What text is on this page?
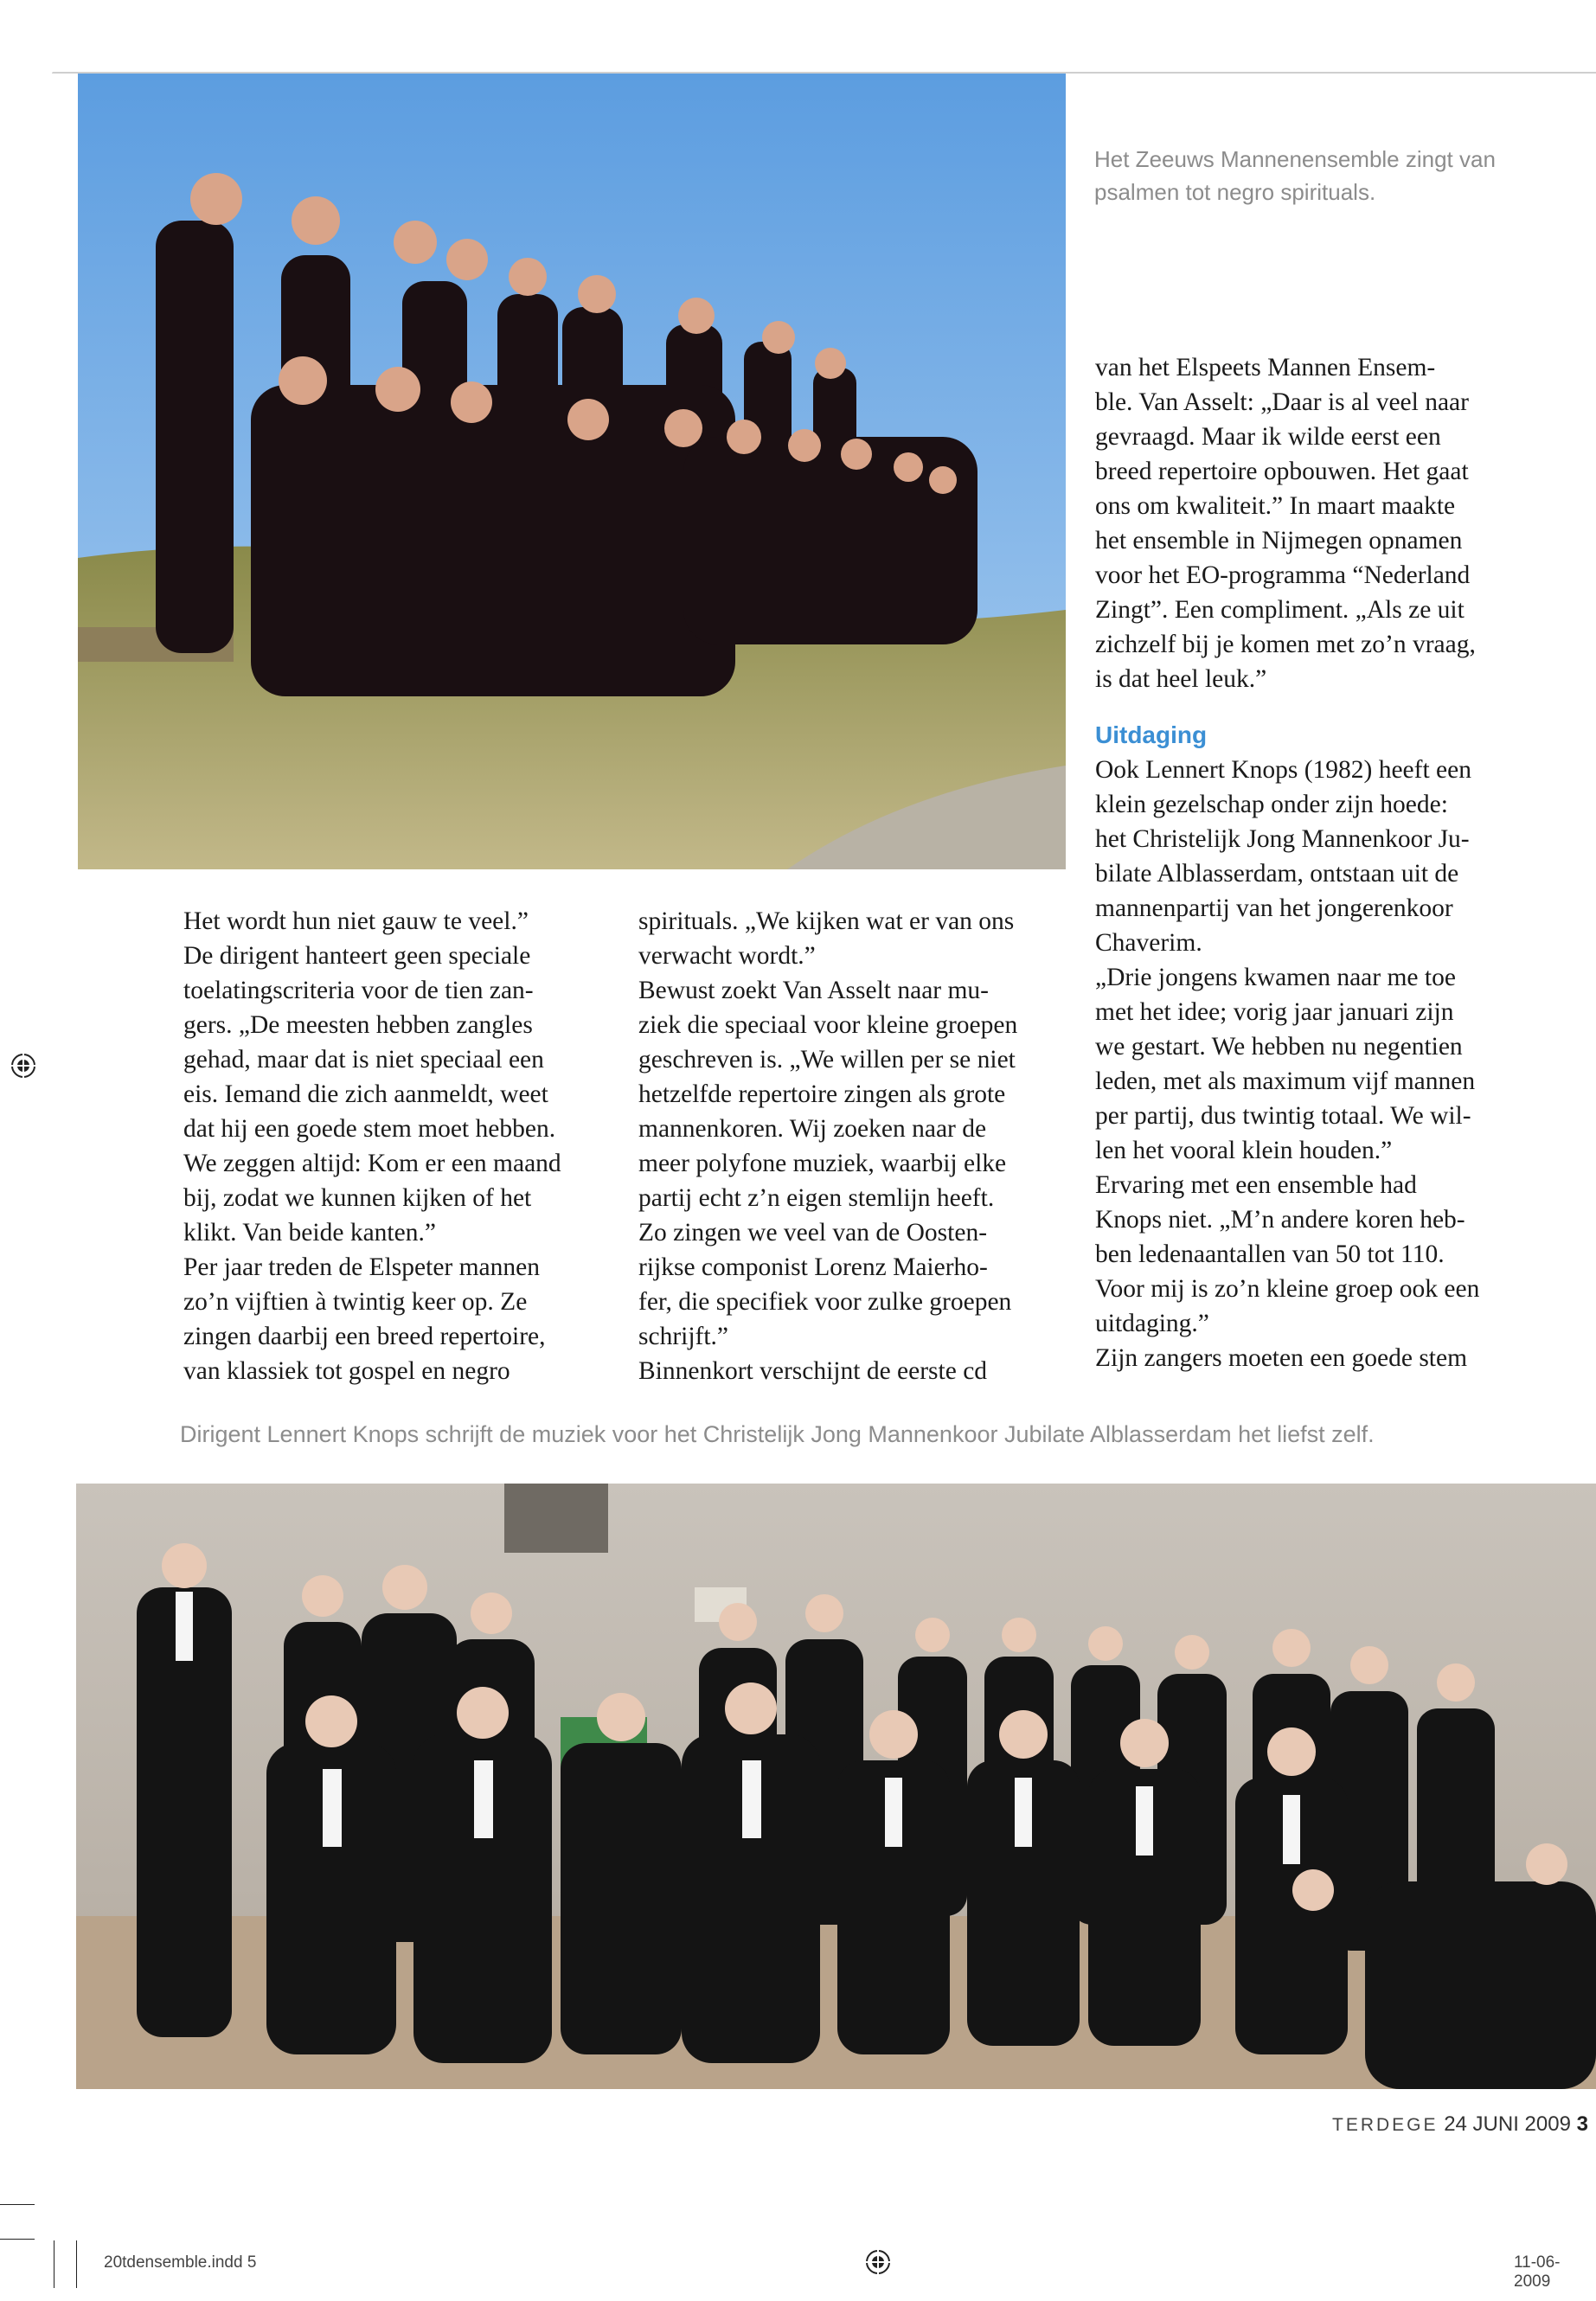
Het Zeeuws Mannenensemble zingt van psalmen tot negro spirituals.

Het wordt hun niet gauw te veel.”

De dirigent hanteert geen speciale

toelatingscriteria voor de tien zan-

gers. „De meesten hebben zangles

gehad, maar dat is niet speciaal een

eis. Iemand die zich aanmeldt, weet

dat hij een goede stem moet hebben.

We zeggen altijd: Kom er een maand

bij, zodat we kunnen kijken of het

klikt. Van beide kanten.”

Per jaar treden de Elspeter mannen

zo’n vijftien à twintig keer op. Ze

zingen daarbij een breed repertoire,

van klassiek tot gospel en negro

spirituals. „We kijken wat er van ons

verwacht wordt.”

Bewust zoekt Van Asselt naar mu-

ziek die speciaal voor kleine groepen

geschreven is. „We willen per se niet

hetzelfde repertoire zingen als grote

mannenkoren. Wij zoeken naar de

meer polyfone muziek, waarbij elke

partij echt z’n eigen stemlijn heeft.

Zo zingen we veel van de Oosten-

rijkse componist Lorenz Maierho-

fer, die specifiek voor zulke groepen

schrijft.”

Binnenkort verschijnt de eerste cd

van het Elspeets Mannen Ensem-

ble. Van Asselt: „Daar is al veel naar

gevraagd. Maar ik wilde eerst een

breed repertoire opbouwen. Het gaat

ons om kwaliteit.” In maart maakte

het ensemble in Nijmegen opnamen

voor het EO-programma “Nederland

Zingt”. Een compliment. „Als ze uit

zichzelf bij je komen met zo’n vraag,

is dat heel leuk.”

Uitdaging

Ook Lennert Knops (1982) heeft een

klein gezelschap onder zijn hoede:

het Christelijk Jong Mannenkoor Ju-

bilate Alblasserdam, ontstaan uit de

mannenpartij van het jongerenkoor

Chaverim.

„Drie jongens kwamen naar me toe

met het idee; vorig jaar januari zijn

we gestart. We hebben nu negentien

leden, met als maximum vijf mannen

per partij, dus twintig totaal. We wil-

len het vooral klein houden.”

Ervaring met een ensemble had

Knops niet. „M’n andere koren heb-

ben ledenaantallen van 50 tot 110.

Voor mij is zo’n kleine groep ook een

uitdaging.”

Zijn zangers moeten een goede stem

Dirigent Lennert Knops schrijft de muziek voor het Christelijk Jong Mannenkoor Jubilate Alblasserdam het liefst zelf.
TERDEGE 24 JUNI 2009 3
20tdensemble.indd 5	11-06-2009
